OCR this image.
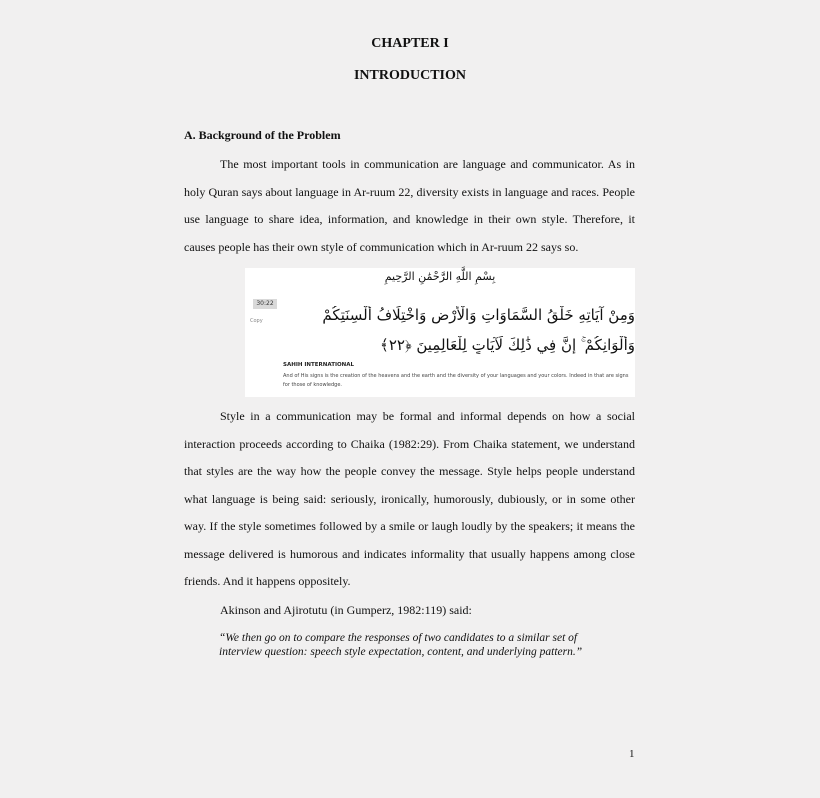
CHAPTER I
INTRODUCTION
A. Background of the Problem

The most important tools in communication are language and communicator. As in holy Quran says about language in Ar-ruum 22, diversity exists in language and races. People use language to share idea, information, and knowledge in their own style. Therefore, it causes people has their own style of communication which in Ar-ruum 22 says so.

بِسْمِ اللَّهِ الرَّحْمَٰنِ الرَّحِيمِ
30:22
Copy	وَمِنْ آيَاتِهِ خَلْقُ السَّمَاوَاتِ وَالْأَرْضِ وَاخْتِلَافُ أَلْسِنَتِكُمْ
وَأَلْوَانِكُمْ ۚ إِنَّ فِي ذَٰلِكَ لَآيَاتٍ لِلْعَالِمِينَ ﴿٢٢﴾
SAHIH INTERNATIONAL
And of His signs is the creation of the heavens and the earth and the diversity of your languages and your colors. Indeed in that are signs for those of knowledge.

Style in a communication may be formal and informal depends on how a social interaction proceeds according to Chaika (1982:29). From Chaika statement, we understand that styles are the way how the people convey the message. Style helps people understand what language is being said: seriously, ironically, humorously, dubiously, or in some other way. If the style sometimes followed by a smile or laugh loudly by the speakers; it means the message delivered is humorous and indicates informality that usually happens among close friends. And it happens oppositely.

Akinson and Ajirotutu (in Gumperz, 1982:119) said:

“We then go on to compare the responses of two candidates to a similar set of interview question: speech style expectation, content, and underlying pattern.”

1
